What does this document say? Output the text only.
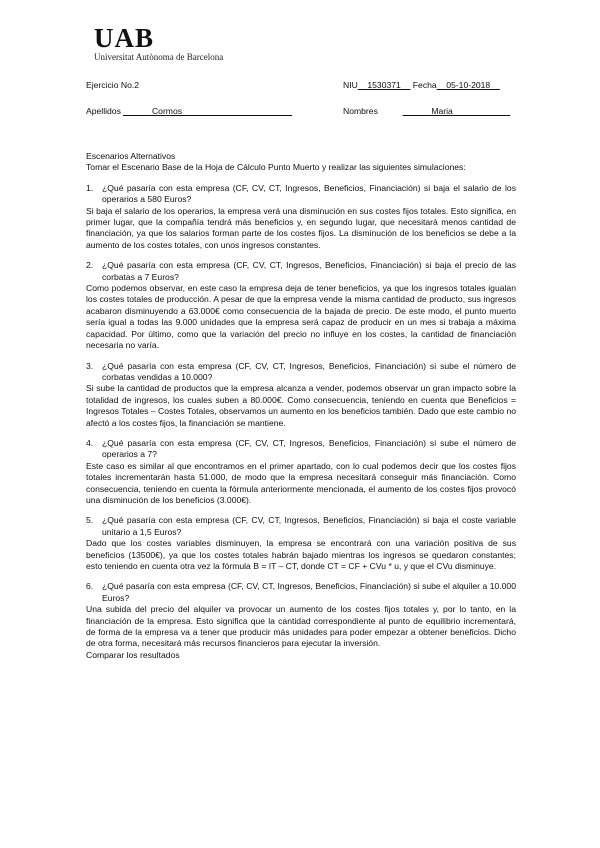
UAB
Universitat Autònoma de Barcelona
Ejercicio No.2	NIU__1530371__ Fecha__05-10-2018__
Apellidos ______Cormos_______________________	Nombres	______Maria____________

Escenarios Alternativos

Tomar el Escenario Base de la Hoja de Cálculo Punto Muerto y realizar las siguientes simulaciones:

1.	¿Qué pasaría con esta empresa (CF, CV, CT, Ingresos, Beneficios, Financiación) si baja el salario de los operarios a 580 Euros?

Si baja el salario de los operarios, la empresa verá una disminución en sus costes fijos totales. Esto significa, en primer lugar, que la compañía tendrá más beneficios y, en segundo lugar, que necesitará menos cantidad de financiación, ya que los salarios forman parte de los costes fijos. La disminución de los beneficios se debe a la aumento de los costes totales, con unos ingresos constantes.

2.	¿Qué pasaría con esta empresa (CF, CV, CT, Ingresos, Beneficios, Financiación) si baja el precio de las corbatas a 7 Euros?

Como podemos observar, en este caso la empresa deja de tener beneficios, ya que los ingresos totales igualan los costes totales de producción. A pesar de que la empresa vende la misma cantidad de producto, sus ingresos acabaron disminuyendo a 63.000€ como consecuencia de la bajada de precio. De este modo, el punto muerto sería igual a todas las 9.000 unidades que la empresa será capaz de producir en un mes si trabaja a máxima capacidad. Por último, como que la variación del precio no influye en los costes, la cantidad de financiación necesaria no varía.

3.	¿Qué pasaría con esta empresa (CF, CV, CT, Ingresos, Beneficios, Financiación) si sube el número de corbatas vendidas a 10.000?

Si sube la cantidad de productos que la empresa alcanza a vender, podemos observar un gran impacto sobre la totalidad de ingresos, los cuales suben a 80.000€. Como consecuencia, teniendo en cuenta que Beneficios = Ingresos Totales – Costes Totales, observamos un aumento en los beneficios también. Dado que este cambio no afectó a los costes fijos, la financiación se mantiene.

4.	¿Qué pasaría con esta empresa (CF, CV, CT, Ingresos, Beneficios, Financiación) si sube el número de operarios a 7?

Este caso es similar al que encontramos en el primer apartado, con lo cual podemos decir que los costes fijos totales incrementarán hasta 51.000, de modo que la empresa necesitará conseguir más financiación. Como consecuencia, teniendo en cuenta la fórmula anteriormente mencionada, el aumento de los costes fijos provocó una disminución de los beneficios (3.000€).

5.	¿Qué pasaría con esta empresa (CF, CV, CT, Ingresos, Beneficios, Financiación) si baja el coste variable unitario a 1,5 Euros?

Dado que los costes variables disminuyen, la empresa se encontrará con una variación positiva de sus beneficios (13500€), ya que los costes totales habrán bajado mientras los ingresos se quedaron constantes; esto teniendo en cuenta otra vez la fórmula B = IT – CT, donde CT = CF + CVu * u, y que el CVu disminuye.

6.	¿Qué pasaría con esta empresa (CF, CV, CT, Ingresos, Beneficios, Financiación) si sube el alquiler a 10.000 Euros?

Una subida del precio del alquiler va provocar un aumento de los costes fijos totales y, por lo tanto, en la financiación de la empresa. Esto significa que la cantidad correspondiente al punto de equilibrio incrementará, de forma de la empresa va a tener que producir más unidades para poder empezar a obtener beneficios. Dicho de otra forma, necesitará más recursos financieros para ejecutar la inversión.

Comparar los resultados
